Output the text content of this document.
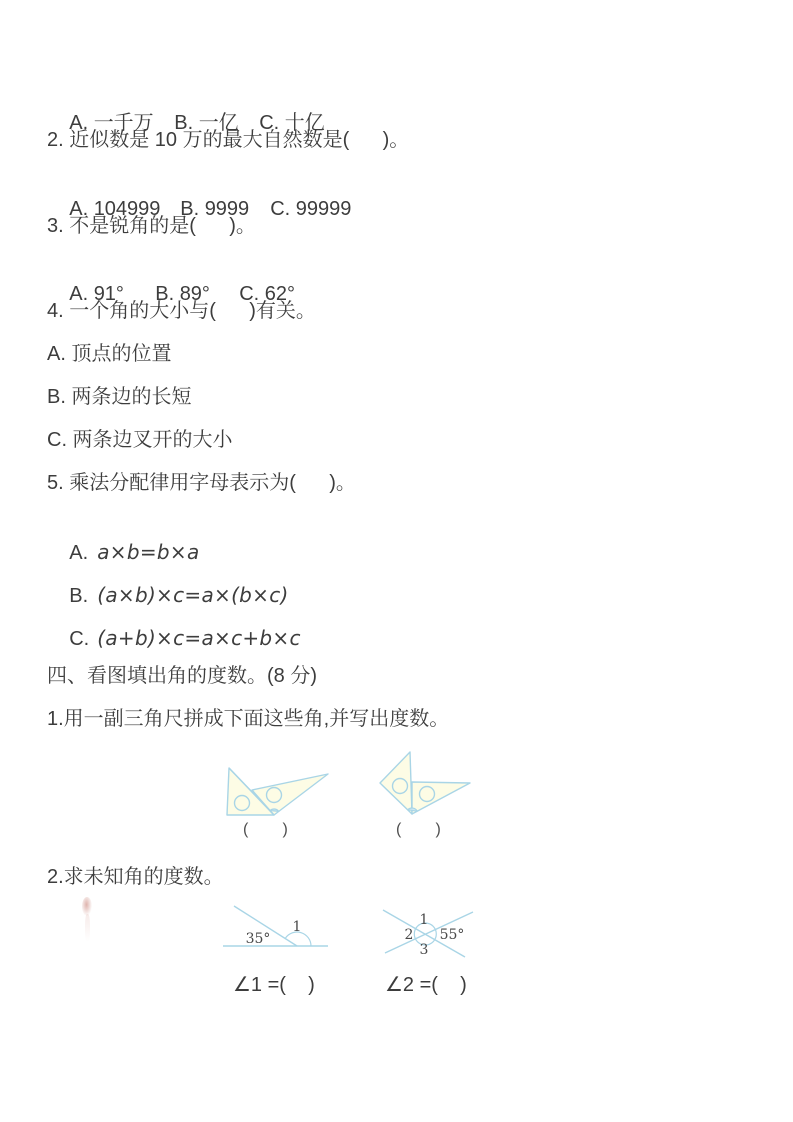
A. 一千万 B. 一亿 C. 十亿

2. 近似数是 10 万的最大自然数是(      )。

A. 104999 B. 9999 C. 99999

3. 不是锐角的是(      )。

A. 91° B. 89° C. 62°

4. 一个角的大小与(      )有关。
A. 顶点的位置
B. 两条边的长短
C. 两条边叉开的大小
5. 乘法分配律用字母表示为(      )。

A. a×b=b×a

B. (a×b)×c=a×(b×c)

C. (a+b)×c=a×c+b×c

四、看图填出角的度数。(8 分)
1.用一副三角尺拼成下面这些角,并写出度数。
(     )	(     )
2.求未知角的度数。
35°
1	1
2 55°
3
∠1 =(    )	∠2 =(    )
